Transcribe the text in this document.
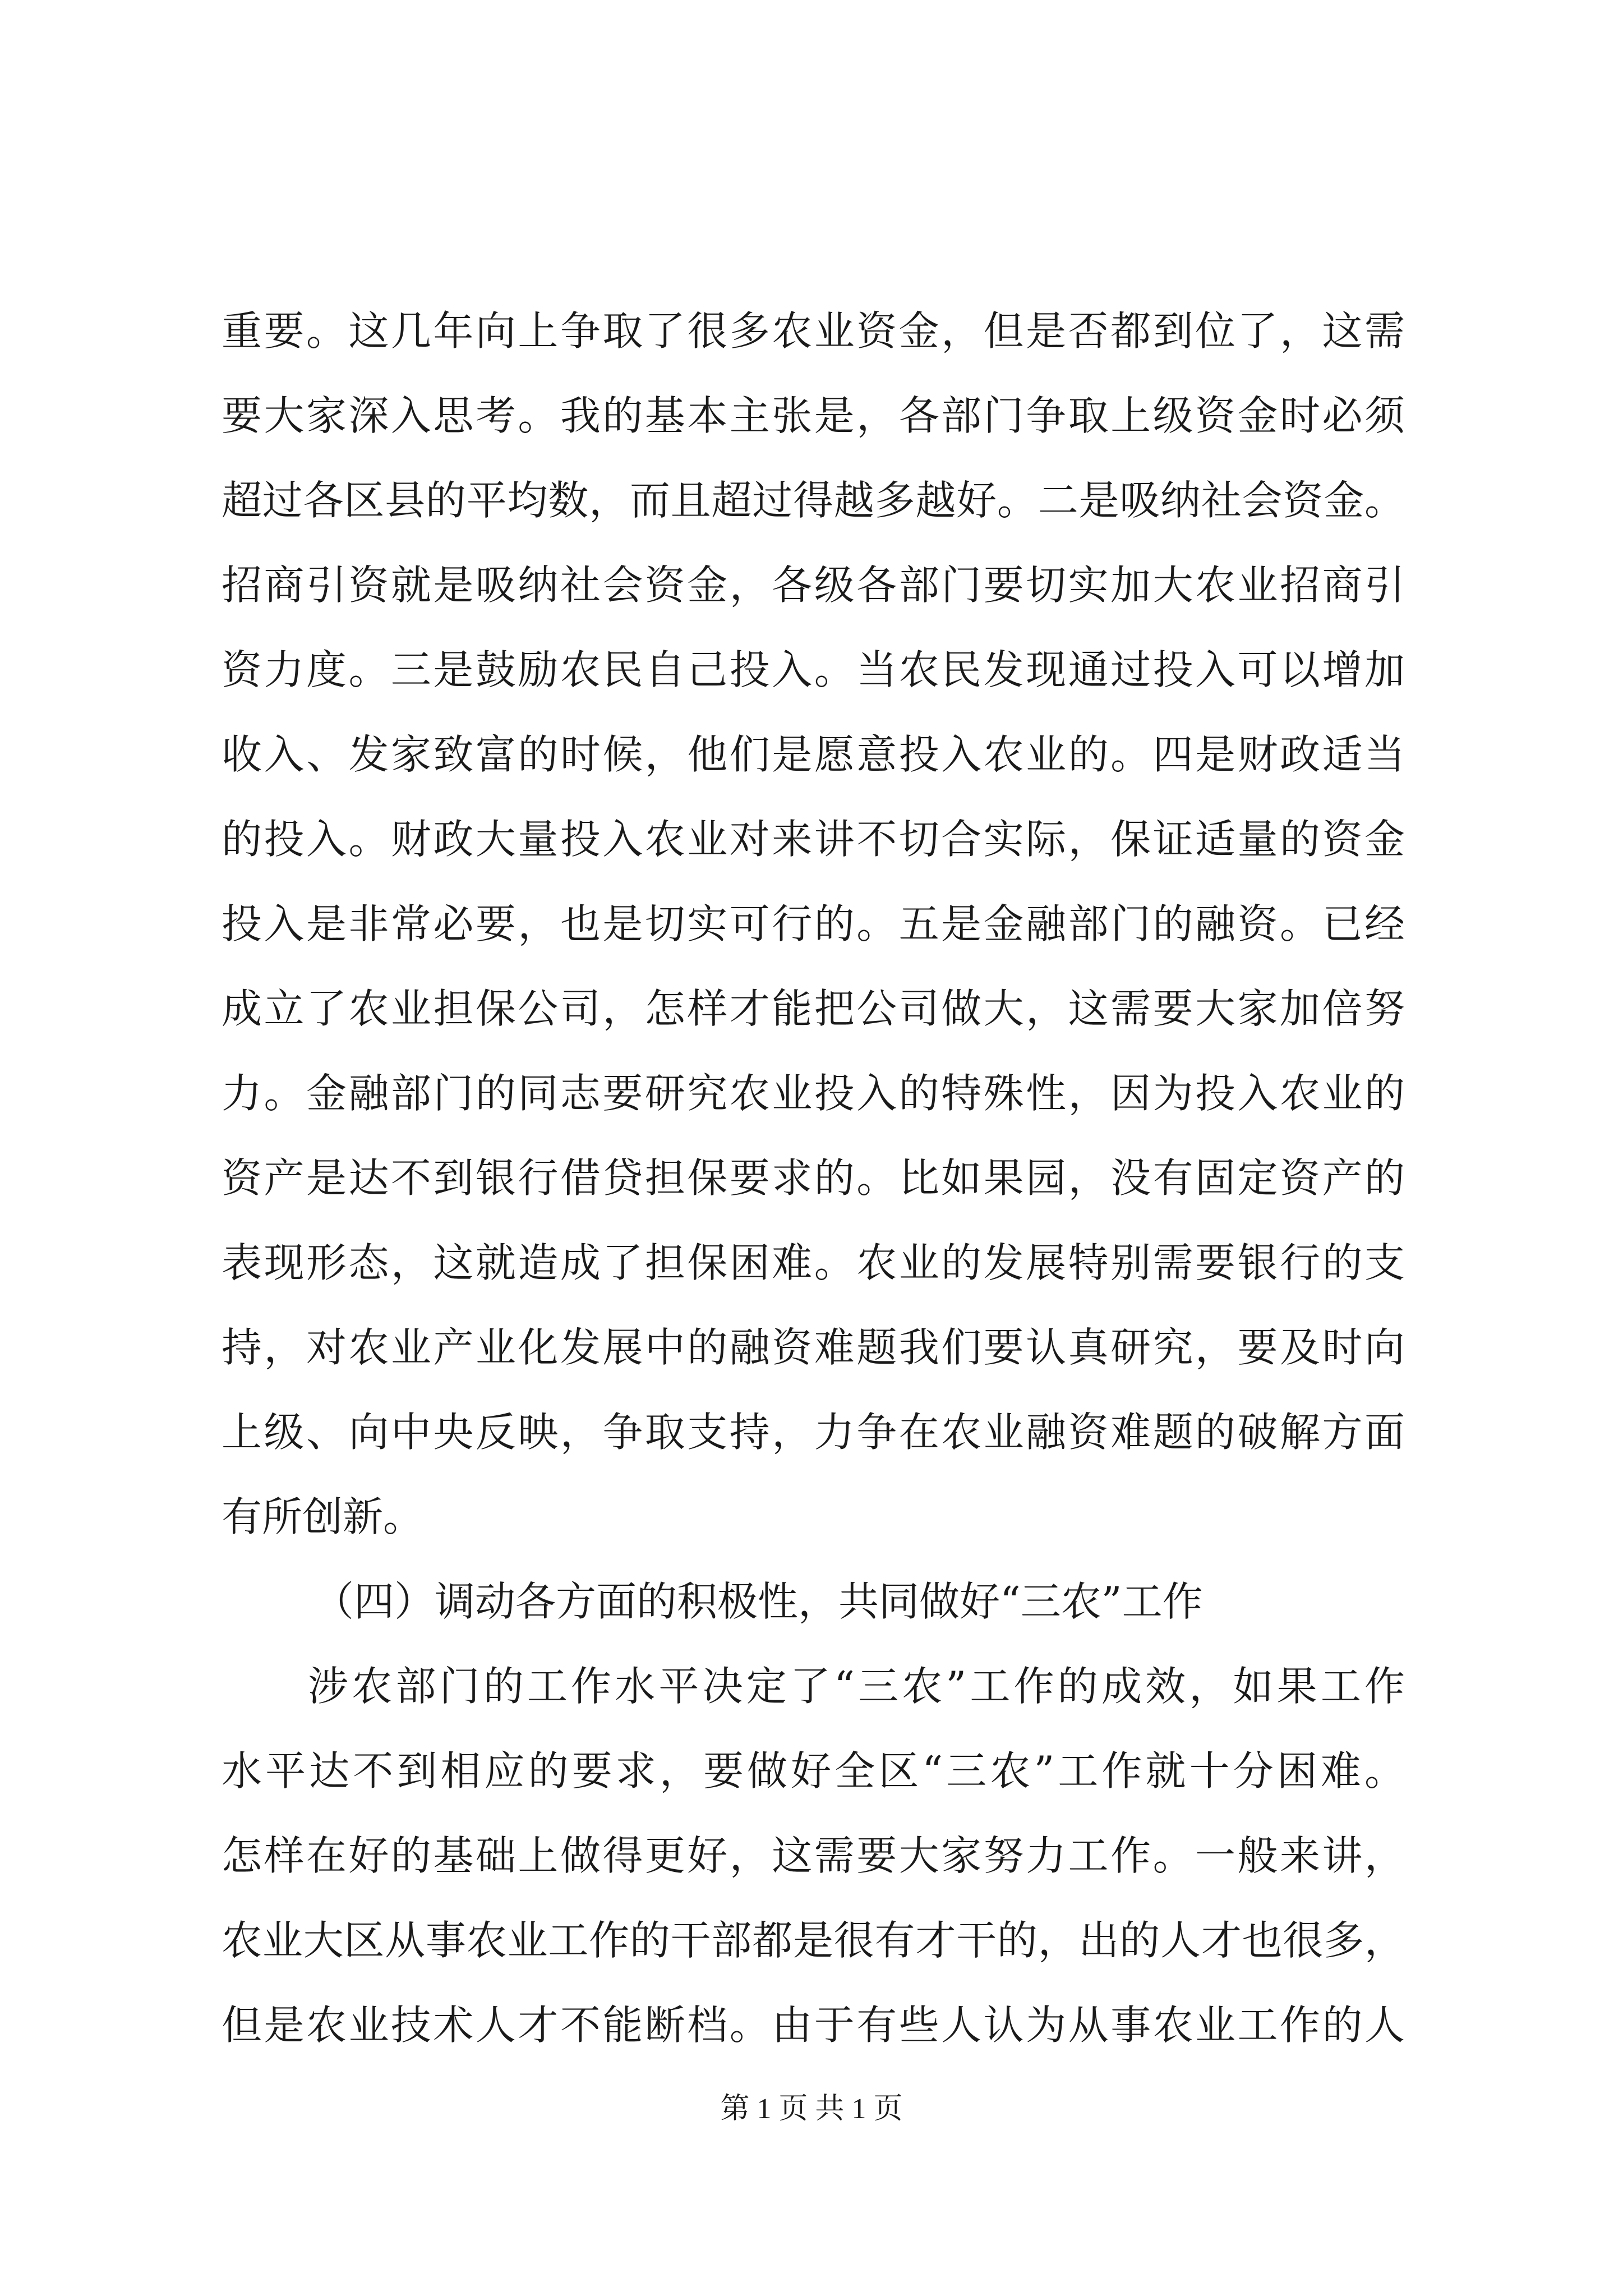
重要。这几年向上争取了很多农业资金，但是否都到位了，这需
要大家深入思考。我的基本主张是，各部门争取上级资金时必须
超过各区县的平均数，而且超过得越多越好。二是吸纳社会资金。
招商引资就是吸纳社会资金，各级各部门要切实加大农业招商引
资力度。三是鼓励农民自己投入。当农民发现通过投入可以增加
收入、发家致富的时候，他们是愿意投入农业的。四是财政适当
的投入。财政大量投入农业对来讲不切合实际，保证适量的资金
投入是非常必要，也是切实可行的。五是金融部门的融资。已经
成立了农业担保公司，怎样才能把公司做大，这需要大家加倍努
力。金融部门的同志要研究农业投入的特殊性，因为投入农业的
资产是达不到银行借贷担保要求的。比如果园，没有固定资产的
表现形态，这就造成了担保困难。农业的发展特别需要银行的支
持，对农业产业化发展中的融资难题我们要认真研究，要及时向
上级、向中央反映，争取支持，力争在农业融资难题的破解方面
有所创新。
（四）调动各方面的积极性，共同做好“三农”工作
涉农部门的工作水平决定了“三农”工作的成效，如果工作
水平达不到相应的要求，要做好全区“三农”工作就十分困难。
怎样在好的基础上做得更好，这需要大家努力工作。一般来讲，
农业大区从事农业工作的干部都是很有才干的，出的人才也很多，
但是农业技术人才不能断档。由于有些人认为从事农业工作的人
第 1 页 共 1 页
